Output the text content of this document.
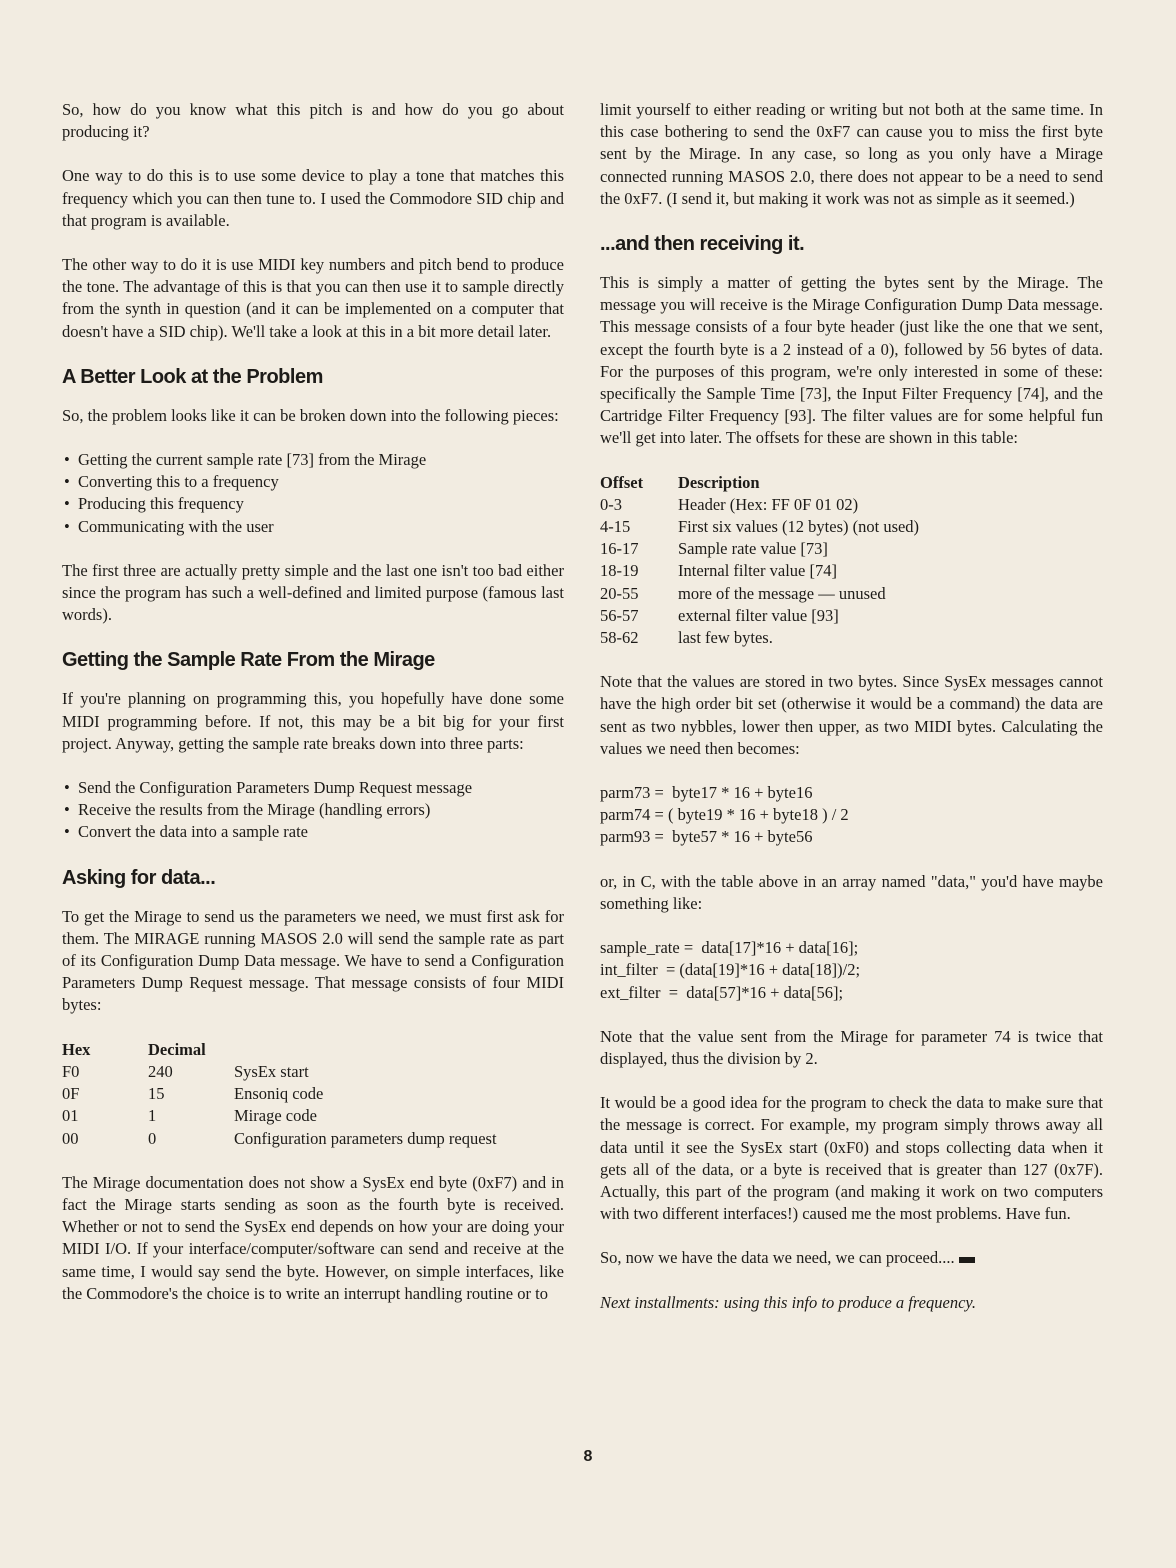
So, how do you know what this pitch is and how do you go about producing it?

One way to do this is to use some device to play a tone that matches this frequency which you can then tune to. I used the Commodore SID chip and that program is available.

The other way to do it is use MIDI key numbers and pitch bend to produce the tone. The advantage of this is that you can then use it to sample directly from the synth in question (and it can be implemented on a computer that doesn't have a SID chip). We'll take a look at this in a bit more detail later.

A Better Look at the Problem

So, the problem looks like it can be broken down into the following pieces:

• Getting the current sample rate [73] from the Mirage
• Converting this to a frequency
• Producing this frequency
• Communicating with the user

The first three are actually pretty simple and the last one isn't too bad either since the program has such a well-defined and limited purpose (famous last words).

Getting the Sample Rate From the Mirage

If you're planning on programming this, you hopefully have done some MIDI programming before. If not, this may be a bit big for your first project. Anyway, getting the sample rate breaks down into three parts:

• Send the Configuration Parameters Dump Request message
• Receive the results from the Mirage (handling errors)
• Convert the data into a sample rate
Asking for data...

To get the Mirage to send us the parameters we need, we must first ask for them. The MIRAGE running MASOS 2.0 will send the sample rate as part of its Configuration Dump Data message. We have to send a Configuration Parameters Dump Request message. That message consists of four MIDI bytes:

Hex	Decimal	
F0	240	SysEx start
0F	15	Ensoniq code
01	1	Mirage code
00	0	Configuration parameters dump request

The Mirage documentation does not show a SysEx end byte (0xF7) and in fact the Mirage starts sending as soon as the fourth byte is received. Whether or not to send the SysEx end depends on how your are doing your MIDI I/O. If your interface/computer/software can send and receive at the same time, I would say send the byte. However, on simple interfaces, like the Commodore's the choice is to write an interrupt handling routine or to

limit yourself to either reading or writing but not both at the same time. In this case bothering to send the 0xF7 can cause you to miss the first byte sent by the Mirage. In any case, so long as you only have a Mirage connected running MASOS 2.0, there does not appear to be a need to send the 0xF7. (I send it, but making it work was not as simple as it seemed.)

...and then receiving it.

This is simply a matter of getting the bytes sent by the Mirage. The message you will receive is the Mirage Configuration Dump Data message. This message consists of a four byte header (just like the one that we sent, except the fourth byte is a 2 instead of a 0), followed by 56 bytes of data. For the purposes of this program, we're only interested in some of these: specifically the Sample Time [73], the Input Filter Frequency [74], and the Cartridge Filter Frequency [93]. The filter values are for some helpful fun we'll get into later. The offsets for these are shown in this table:

Offset	Description
0-3	Header (Hex: FF 0F 01 02)
4-15	First six values (12 bytes) (not used)
16-17	Sample rate value [73]
18-19	Internal filter value [74]
20-55	more of the message — unused
56-57	external filter value [93]
58-62	last few bytes.

Note that the values are stored in two bytes. Since SysEx messages cannot have the high order bit set (otherwise it would be a command) the data are sent as two nybbles, lower then upper, as two MIDI bytes. Calculating the values we need then becomes:

parm73 =  byte17 * 16 + byte16
parm74 = ( byte19 * 16 + byte18 ) / 2
parm93 =  byte57 * 16 + byte56

or, in C, with the table above in an array named "data," you'd have maybe something like:

sample_rate =  data[17]*16 + data[16];
int_filter  = (data[19]*16 + data[18])/2;
ext_filter  =  data[57]*16 + data[56];

Note that the value sent from the Mirage for parameter 74 is twice that displayed, thus the division by 2.

It would be a good idea for the program to check the data to make sure that the message is correct. For example, my program simply throws away all data until it see the SysEx start (0xF0) and stops collecting data when it gets all of the data, or a byte is received that is greater than 127 (0x7F). Actually, this part of the program (and making it work on two computers with two different interfaces!) caused me the most problems. Have fun.

So, now we have the data we need, we can proceed....

Next installments: using this info to produce a frequency.

8
